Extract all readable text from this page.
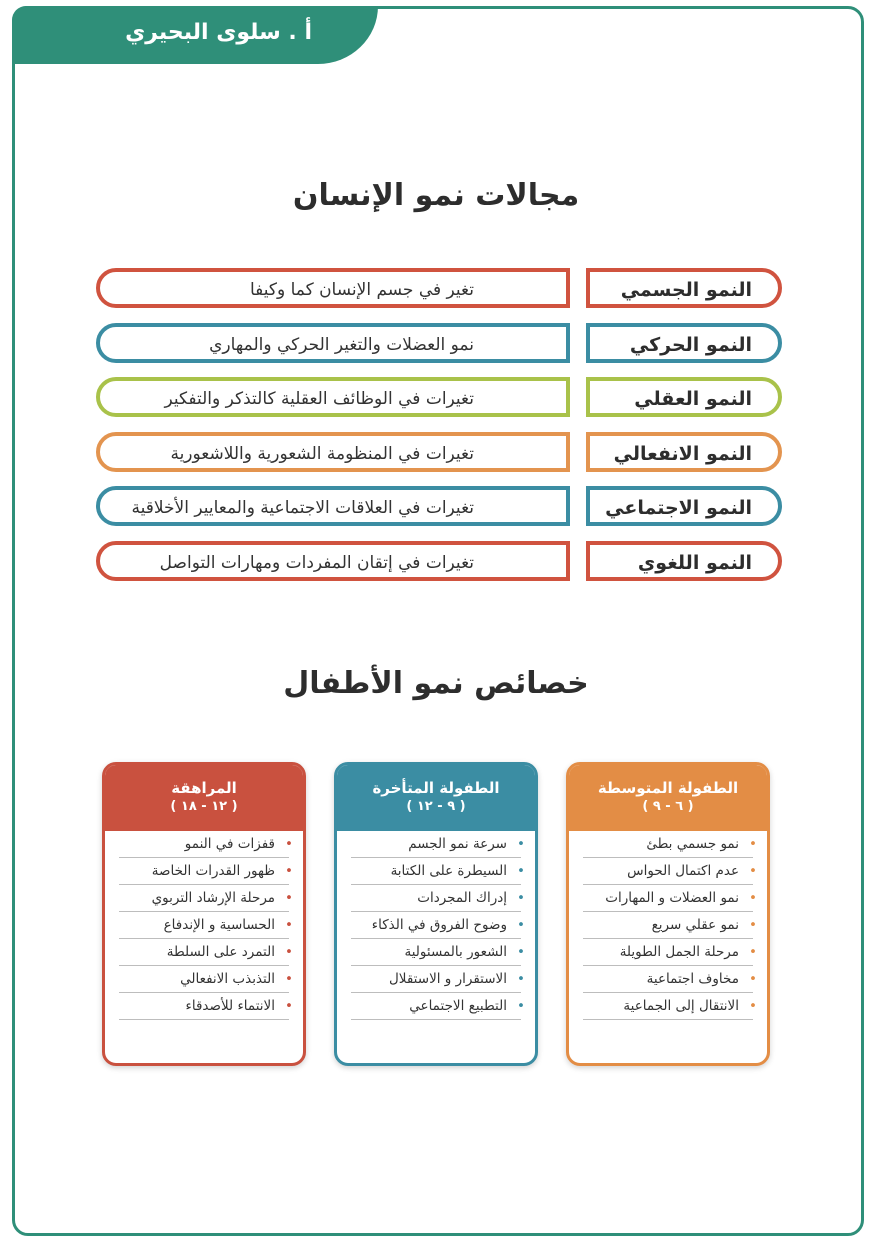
أ . سلوى البحيري
مجالات نمو الإنسان
تغير في جسم الإنسان كما وكيفا	النمو الجسمي
نمو العضلات والتغير الحركي والمهاري	النمو الحركي
تغيرات في الوظائف العقلية كالتذكر والتفكير	النمو العقلي
تغيرات في المنظومة الشعورية واللاشعورية	النمو الانفعالي
تغيرات في العلاقات الاجتماعية والمعايير الأخلاقية	النمو الاجتماعي
تغيرات في إتقان المفردات ومهارات التواصل	النمو اللغوي
خصائص نمو الأطفال
الطفولة المتوسطة
( ٦ - ٩ )
• نمو جسمي بطئ
• عدم اكتمال الحواس
• نمو العضلات و المهارات
• نمو عقلي سريع
• مرحلة الجمل الطويلة
• مخاوف اجتماعية
• الانتقال إلى الجماعية
الطفولة المتأخرة
( ٩ - ١٢ )
• سرعة نمو الجسم
• السيطرة على الكتابة
• إدراك المجردات
• وضوح الفروق في الذكاء
• الشعور بالمسئولية
• الاستقرار و الاستقلال
• التطبيع الاجتماعي
المراهقة
( ١٢ - ١٨ )
• قفزات في النمو
• ظهور القدرات الخاصة
• مرحلة الإرشاد التربوي
• الحساسية و الإندفاع
• التمرد على السلطة
• التذبذب الانفعالي
• الانتماء للأصدقاء
